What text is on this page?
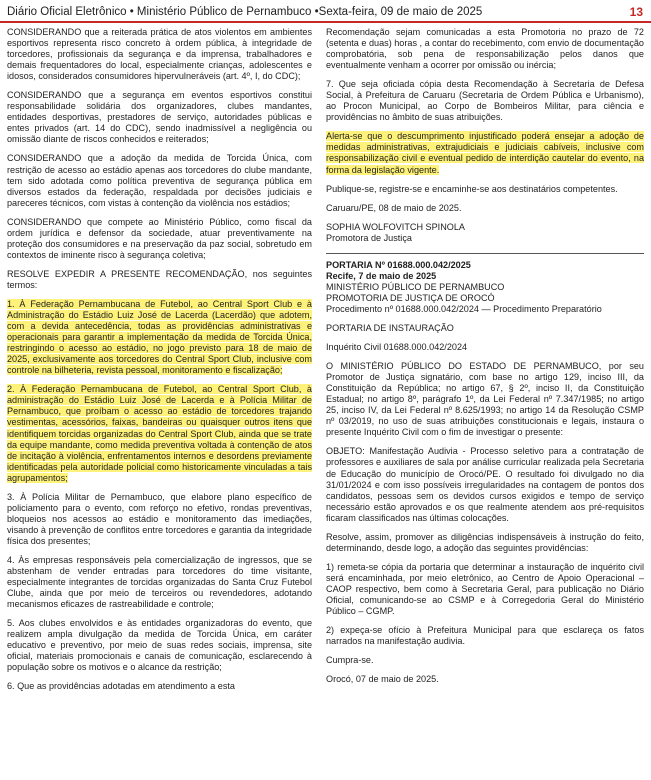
Diário Oficial Eletrônico • Ministério Público de Pernambuco •Sexta-feira, 09 de maio de 2025	13

CONSIDERANDO que a reiterada prática de atos violentos em ambientes esportivos representa risco concreto à ordem pública, à integridade de torcedores, profissionais da segurança e da imprensa, trabalhadores e demais frequentadores do local, especialmente crianças, adolescentes e idosos, considerados consumidores hipervulneráveis (art. 4º, I, do CDC);

CONSIDERANDO que a segurança em eventos esportivos constitui responsabilidade solidária dos organizadores, clubes mandantes, entidades desportivas, prestadores de serviço, autoridades públicas e entes privados (art. 14 do CDC), sendo inadmissível a negligência ou omissão diante de riscos conhecidos e reiterados;

CONSIDERANDO que a adoção da medida de Torcida Única, com restrição de acesso ao estádio apenas aos torcedores do clube mandante, tem sido adotada como política preventiva de segurança pública em diversos estados da federação, respaldada por decisões judiciais e pareceres técnicos, com vistas à contenção da violência nos estádios;

CONSIDERANDO que compete ao Ministério Público, como fiscal da ordem jurídica e defensor da sociedade, atuar preventivamente na proteção dos consumidores e na preservação da paz social, sobretudo em contextos de iminente risco à segurança coletiva;

RESOLVE EXPEDIR A PRESENTE RECOMENDAÇÃO, nos seguintes termos:

1. À Federação Pernambucana de Futebol, ao Central Sport Club e à Administração do Estádio Luiz José de Lacerda (Lacerdão) que adotem, com a devida antecedência, todas as providências administrativas e operacionais para garantir a implementação da medida de Torcida Única, restringindo o acesso ao estádio, no jogo previsto para 18 de maio de 2025, exclusivamente aos torcedores do Central Sport Club, inclusive com controle na bilheteria, revista pessoal, monitoramento e fiscalização;

2. À Federação Pernambucana de Futebol, ao Central Sport Club, à administração do Estádio Luiz José de Lacerda e à Polícia Militar de Pernambuco, que proíbam o acesso ao estádio de torcedores trajando vestimentas, acessórios, faixas, bandeiras ou quaisquer outros itens que identifiquem torcidas organizadas do Central Sport Club, ainda que se trate da equipe mandante, como medida preventiva voltada à contenção de atos de incitação à violência, enfrentamentos internos e desordens previamente identificadas pela autoridade policial como historicamente vinculadas a tais agrupamentos;

3. À Polícia Militar de Pernambuco, que elabore plano específico de policiamento para o evento, com reforço no efetivo, rondas preventivas, bloqueios nos acessos ao estádio e monitoramento das imediações, visando à prevenção de conflitos entre torcedores e garantia da integridade física dos presentes;

4. Às empresas responsáveis pela comercialização de ingressos, que se abstenham de vender entradas para torcedores do time visitante, especialmente integrantes de torcidas organizadas do Santa Cruz Futebol Clube, ainda que por meio de terceiros ou revendedores, adotando mecanismos eficazes de rastreabilidade e controle;

5. Aos clubes envolvidos e às entidades organizadoras do evento, que realizem ampla divulgação da medida de Torcida Única, em caráter educativo e preventivo, por meio de suas redes sociais, imprensa, site oficial, materiais promocionais e canais de comunicação, esclarecendo à população sobre os motivos e o alcance da restrição;

6. Que as providências adotadas em atendimento a esta

Recomendação sejam comunicadas a esta Promotoria no prazo de 72 (setenta e duas) horas , a contar do recebimento, com envio de documentação comprobatória, sob pena de responsabilização pelos danos que eventualmente venham a ocorrer por omissão ou inércia;

7. Que seja oficiada cópia desta Recomendação à Secretaria de Defesa Social, à Prefeitura de Caruaru (Secretaria de Ordem Pública e Urbanismo), ao Procon Municipal, ao Corpo de Bombeiros Militar, para ciência e providências no âmbito de suas atribuições.

Alerta-se que o descumprimento injustificado poderá ensejar a adoção de medidas administrativas, extrajudiciais e judiciais cabíveis, inclusive com responsabilização civil e eventual pedido de interdição cautelar do evento, na forma da legislação vigente.

Publique-se, registre-se e encaminhe-se aos destinatários competentes.

Caruaru/PE, 08 de maio de 2025.

SOPHIA WOLFOVITCH SPINOLA

Promotora de Justiça

PORTARIA Nº 01688.000.042/2025

Recife, 7 de maio de 2025

MINISTÉRIO PÚBLICO DE PERNAMBUCO

PROMOTORIA DE JUSTIÇA DE OROCÓ

Procedimento nº 01688.000.042/2024 — Procedimento Preparatório

PORTARIA DE INSTAURAÇÃO

Inquérito Civil 01688.000.042/2024

O MINISTÉRIO PÚBLICO DO ESTADO DE PERNAMBUCO, por seu Promotor de Justiça signatário, com base no artigo 129, inciso III, da Constituição da República; no artigo 67, § 2º, inciso II, da Constituição Estadual; no artigo 8º, parágrafo 1º, da Lei Federal nº 7.347/1985; no artigo 25, inciso IV, da Lei Federal nº 8.625/1993; no artigo 14 da Resolução CSMP nº 03/2019, no uso de suas atribuições constitucionais e legais, instaura o presente Inquérito Civil com o fim de investigar o presente:

OBJETO: Manifestação Audivia - Processo seletivo para a contratação de professores e auxiliares de sala por análise curricular realizada pela Secretaria de Educação do município de Orocó/PE. O resultado foi divulgado no dia 31/01/2024 e com isso possíveis irregularidades na contagem de pontos dos candidatos, pessoas sem os devidos cursos exigidos e tempo de serviço necessário estão aprovados e os que realmente atendem aos pré-requisitos ficaram classificados nas últimas colocações.

Resolve, assim, promover as diligências indispensáveis à instrução do feito, determinando, desde logo, a adoção das seguintes providências:

1) remeta-se cópia da portaria que determinar a instauração de inquérito civil será encaminhada, por meio eletrônico, ao Centro de Apoio Operacional – CAOP respectivo, bem como à Secretaria Geral, para publicação no Diário Oficial, comunicando-se ao CSMP e à Corregedoria Geral do Ministério Público – CGMP.

2) expeça-se ofício à Prefeitura Municipal para que esclareça os fatos narrados na manifestação audivia.

Cumpra-se.

Orocó, 07 de maio de 2025.
